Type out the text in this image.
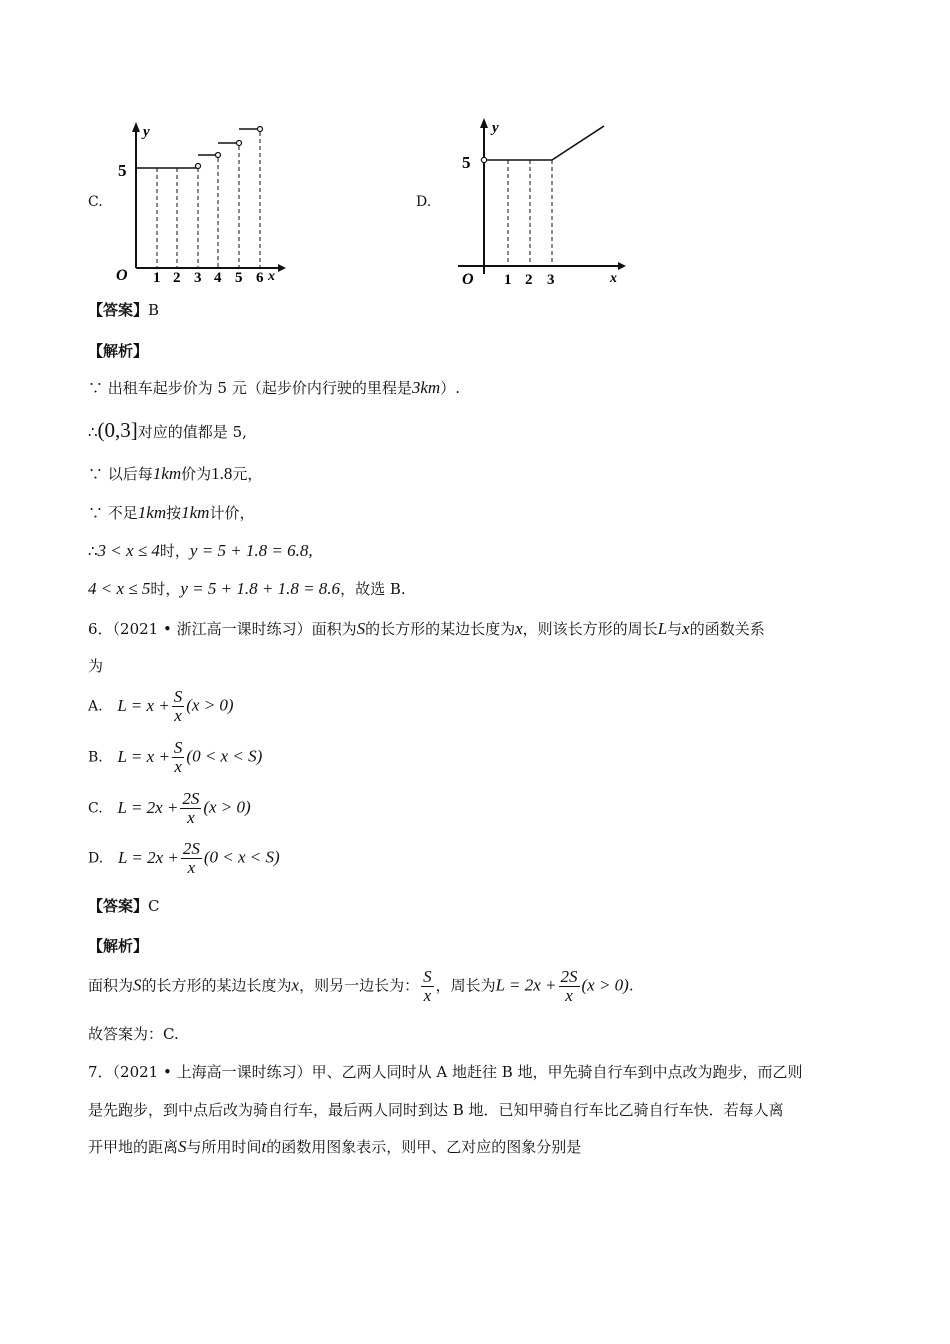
C.
y
x
O
5
1 2 3 4 5 6
D.
y
x
O
5
1 2 3
【答案】B
【解析】
∵ 出租车起步价为 5 元（起步价内行驶的里程是3km）.
∴(0,3]对应的值都是 5,
∵ 以后每1km价为1.8元，
∵ 不足1km按1km计价，
∴3 < x ≤ 4时，y = 5 + 1.8 = 6.8,
4 < x ≤ 5时，y = 5 + 1.8 + 1.8 = 8.6，故选 B.
6．（2021 • 浙江高一课时练习）面积为S的长方形的某边长度为x，则该长方形的周长L与x的函数关系
为
A. $L = x + \frac{S}{x} (x > 0)$
B. $L = x + \frac{S}{x} (0 < x < S)$
C. $L = 2x + \frac{2S}{x} (x > 0)$
D. $L = 2x + \frac{2S}{x} (0 < x < S)$
【答案】C
【解析】
面积为S的长方形的某边长度为x，则另一边长为： $\frac{S}{x}$ ，周长为$L = 2x + \frac{2S}{x} (x > 0)$.
故答案为：C.
7．（2021 • 上海高一课时练习）甲、乙两人同时从 A 地赶往 B 地，甲先骑自行车到中点改为跑步，而乙则
是先跑步，到中点后改为骑自行车，最后两人同时到达 B 地．已知甲骑自行车比乙骑自行车快．若每人离
开甲地的距离S与所用时间t的函数用图象表示，则甲、乙对应的图象分别是
